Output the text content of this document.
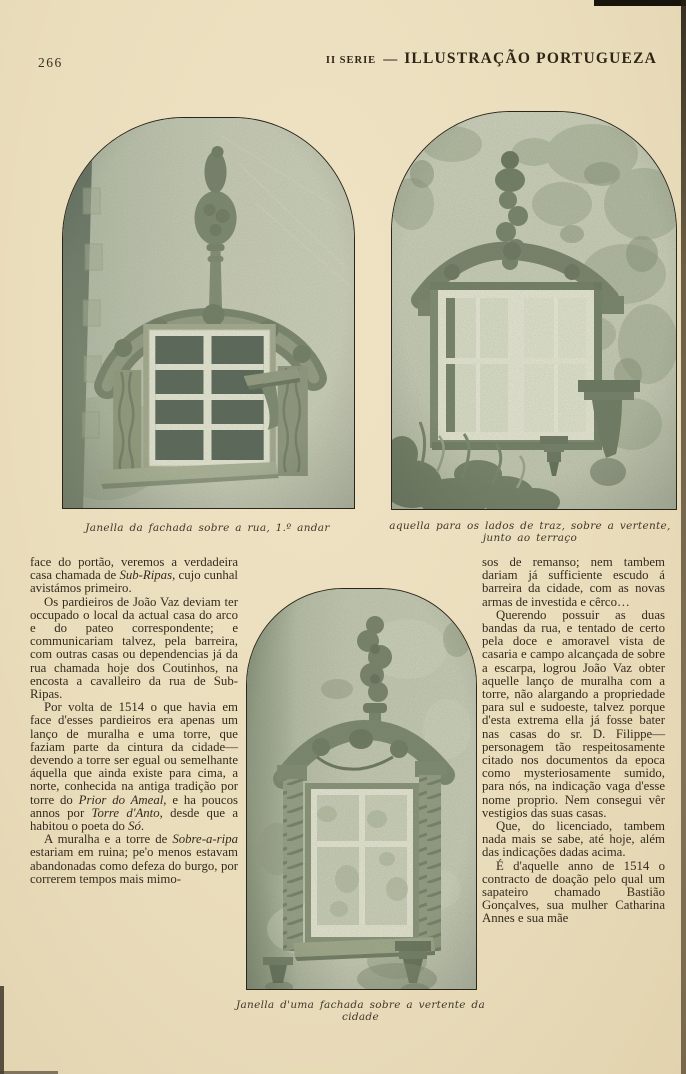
266	II SERIE — ILLUSTRAÇÃO PORTUGUEZA
Janella da fachada sobre a rua, 1.º andar	aquella para os lados de traz, sobre a vertente,
junto ao terraço
Janella d'uma fachada sobre a vertente da cidade

face do portão, veremos a verdadeira casa chamada de Sub-Ripas, cujo cunhal avistámos primeiro.

Os pardieiros de João Vaz deviam ter occupado o local da actual casa do arco e do pateo correspondente; e communicariam talvez, pela barreira, com outras casas ou dependencias já da rua chamada hoje dos Coutinhos, na encosta a cavalleiro da rua de Sub-Ripas.

Por volta de 1514 o que havia em face d'esses pardieiros era apenas um lanço de muralha e uma torre, que faziam parte da cintura da cidade—devendo a torre ser egual ou semelhante áquella que ainda existe para cima, a norte, conhecida na antiga tradição por torre do Prior do Ameal, e ha poucos annos por Torre d'Anto, desde que a habitou o poeta do Só.

A muralha e a torre de Sobre-a-ripa estariam em ruina; pe'o menos estavam abandonadas como defeza do burgo, por correrem tempos mais mimo-

sos de remanso; nem tambem dariam já sufficiente escudo á barreira da cidade, com as novas armas de investida e cêrco…

Querendo possuir as duas bandas da rua, e tentado de certo pela doce e amoravel vista de casaria e campo alcançada de sobre a escarpa, logrou João Vaz obter aquelle lanço de muralha com a torre, não alargando a propriedade para sul e sudoeste, talvez porque d'esta extrema ella já fosse bater nas casas do sr. D. Filippe—personagem tão respeitosamente citado nos documentos da epoca como mysteriosamente sumido, para nós, na indicação vaga d'esse nome proprio. Nem consegui vêr vestigios das suas casas.

Que, do licenciado, tambem nada mais se sabe, até hoje, além das indicações dadas acima.

É d'aquelle anno de 1514 o contracto de doação pelo qual um sapateiro chamado Bastião Gonçalves, sua mulher Catharina Annes e sua mãe
